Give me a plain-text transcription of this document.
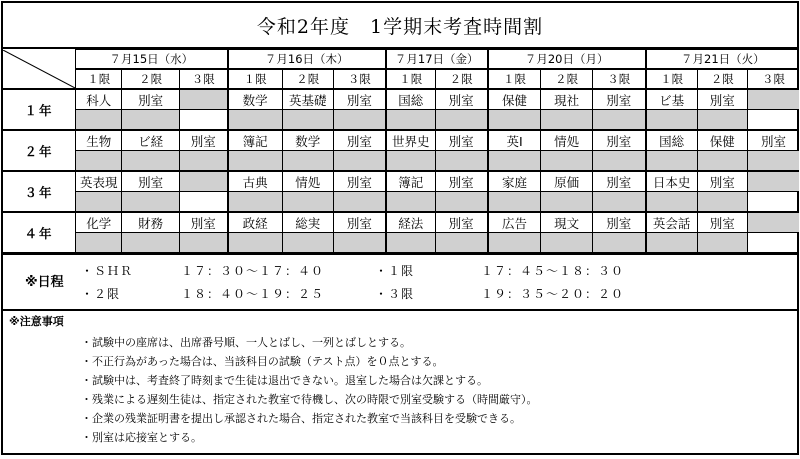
令和2年度　1学期末考査時間割
	７月15日（水）			７月16日（木）			７月17日（金）		７月20日（月）			７月21日（火）		
	１限	２限	３限	１限	２限	３限	１限	２限	１限	２限	３限	１限	２限	３限
１年	科人	別室		数学	英基礎	別室	国総	別室	保健	現社	別室	ビ基	別室	

２年	生物	ビ経	別室	簿記	数学	別室	世界史	別室	英Ⅰ	情処	別室	国総	保健	別室

３年	英表現	別室		古典	情処	別室	簿記	別室	家庭	原価	別室	日本史	別室	

４年	化学	財務	別室	政経	総実	別室	経法	別室	広告	現文	別室	英会話	別室	

※日程
・ＳＨＲ	１７：３０〜１７：４０	・１限	１７：４５〜１８：３０
・２限	１８：４０〜１９：２５	・３限	１９：３５〜２０：２０
※注意事項
・試験中の座席は、出席番号順、一人とばし、一列とばしとする。
・不正行為があった場合は、当該科目の試験（テスト点）を０点とする。
・試験中は、考査終了時刻まで生徒は退出できない。退室した場合は欠課とする。
・残業による遅刻生徒は、指定された教室で待機し、次の時限で別室受験する（時間厳守）。
・企業の残業証明書を提出し承認された場合、指定された教室で当該科目を受験できる。
・別室は応接室とする。
